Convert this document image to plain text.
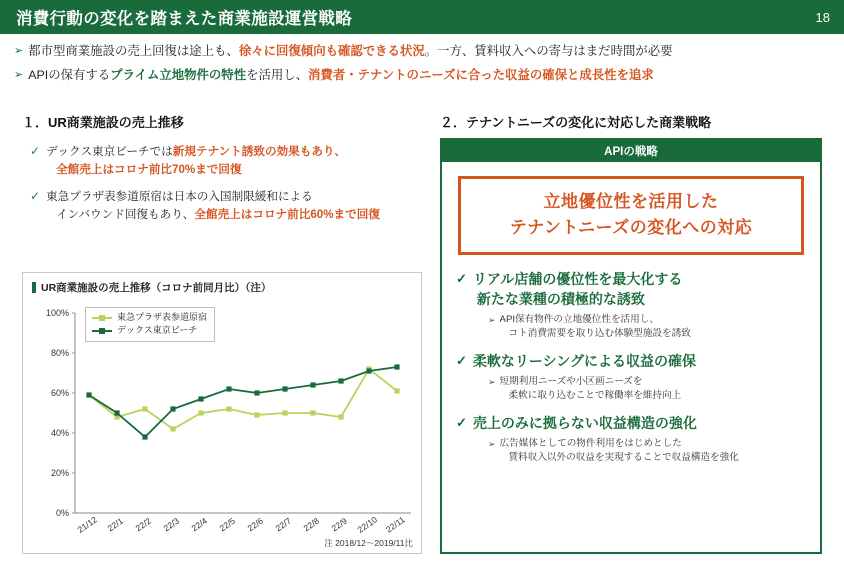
消費行動の変化を踏まえた商業施設運営戦略	18
➢ 都市型商業施設の売上回復は途上も、徐々に回復傾向も確認できる状況。一方、賃料収入への寄与はまだ時間が必要
➢ APIの保有するプライム立地物件の特性を活用し、消費者・テナントのニーズに合った収益の確保と成長性を追求
１．UR商業施設の売上推移	２．テナントニーズの変化に対応した商業戦略
✓ デックス東京ビーチでは新規テナント誘致の効果もあり、
全館売上はコロナ前比70%まで回復
✓ 東急プラザ表参道原宿は日本の入国制限緩和による
インバウンド回復もあり、全館売上はコロナ前比60%まで回復
UR商業施設の売上推移（コロナ前同月比）（注）
東急プラザ表参道原宿
デックス東京ビーチ
0%
20%
40%
60%
80%
100%
21/12 22/1 22/2 22/3 22/4 22/5 22/6 22/7 22/8 22/9 22/10 22/11
注 2018/12～2019/11比
APIの戦略
立地優位性を活用した
テナントニーズの変化への対応
✓ リアル店舗の優位性を最大化する
新たな業種の積極的な誘致
➢ API保有物件の立地優位性を活用し、
コト消費需要を取り込む体験型施設を誘致
✓ 柔軟なリーシングによる収益の確保
➢ 短期利用ニーズや小区画ニーズを
柔軟に取り込むことで稼働率を維持向上
✓ 売上のみに拠らない収益構造の強化
➢ 広告媒体としての物件利用をはじめとした
賃料収入以外の収益を実現することで収益構造を強化
